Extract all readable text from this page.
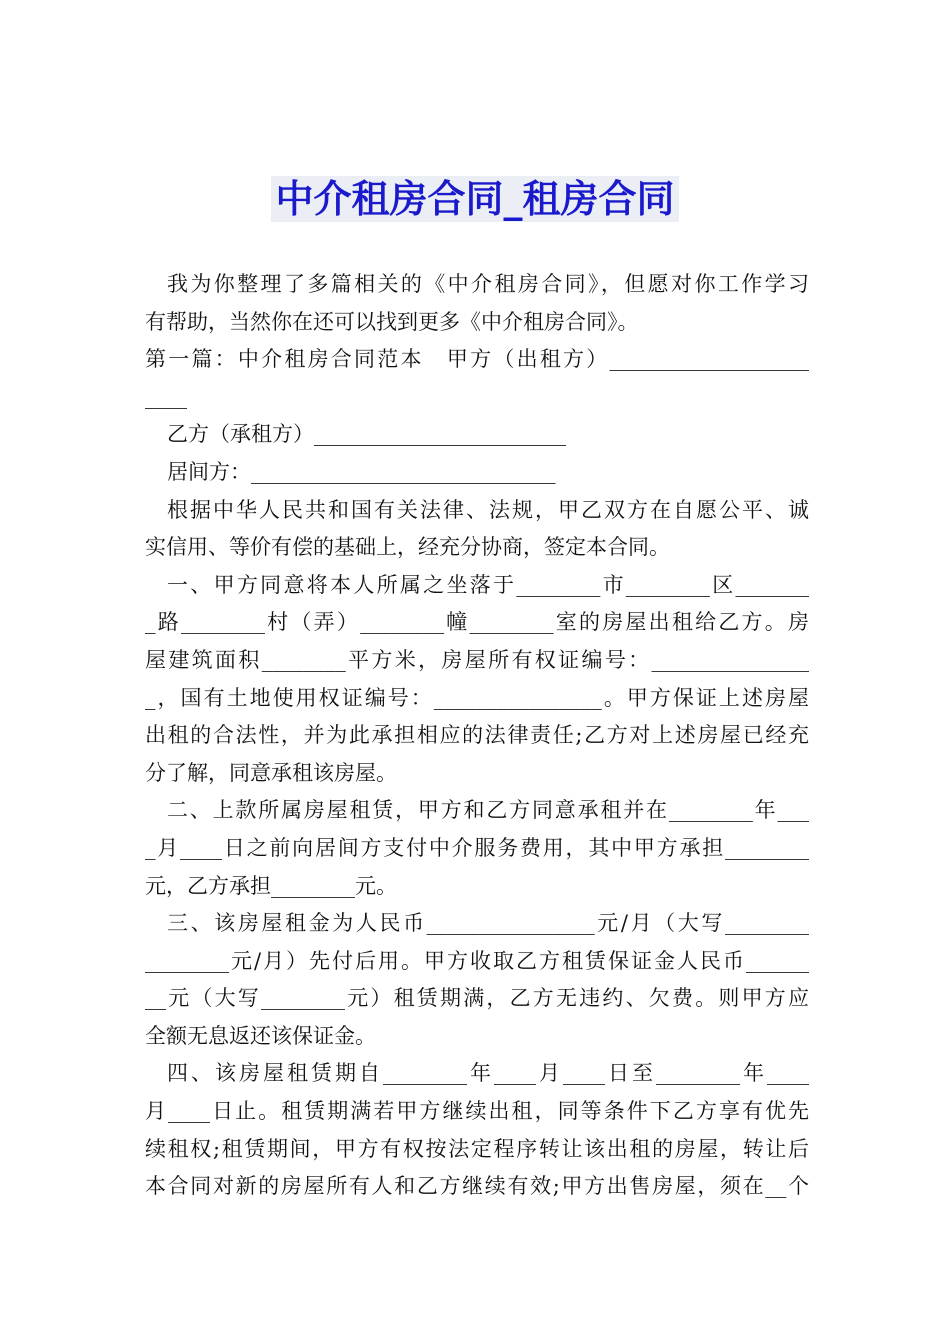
中介租房合同_租房合同
我为你整理了多篇相关的《中介租房合同》，但愿对你工作学习
有帮助，当然你在还可以找到更多《中介租房合同》。
第一篇：中介租房合同范本　甲方（出租方）___________________
____
乙方（承租方）________________________
居间方：_____________________________
根据中华人民共和国有关法律、法规，甲乙双方在自愿公平、诚
实信用、等价有偿的基础上，经充分协商，签定本合同。
一、甲方同意将本人所属之坐落于________市________区_______
_路________村（弄）________幢________室的房屋出租给乙方。房
屋建筑面积________平方米，房屋所有权证编号：_______________
_，国有土地使用权证编号：________________。甲方保证上述房屋
出租的合法性，并为此承担相应的法律责任;乙方对上述房屋已经充
分了解，同意承租该房屋。
二、上款所属房屋租赁，甲方和乙方同意承租并在________年___
_月____日之前向居间方支付中介服务费用，其中甲方承担________
元，乙方承担________元。
三、该房屋租金为人民币________________元/月（大写________
________元/月）先付后用。甲方收取乙方租赁保证金人民币______
__元（大写________元）租赁期满，乙方无违约、欠费。则甲方应
全额无息返还该保证金。
四、该房屋租赁期自________年____月____日至________年____
月____日止。租赁期满若甲方继续出租，同等条件下乙方享有优先
续租权;租赁期间，甲方有权按法定程序转让该出租的房屋，转让后
本合同对新的房屋所有人和乙方继续有效;甲方出售房屋，须在__个
